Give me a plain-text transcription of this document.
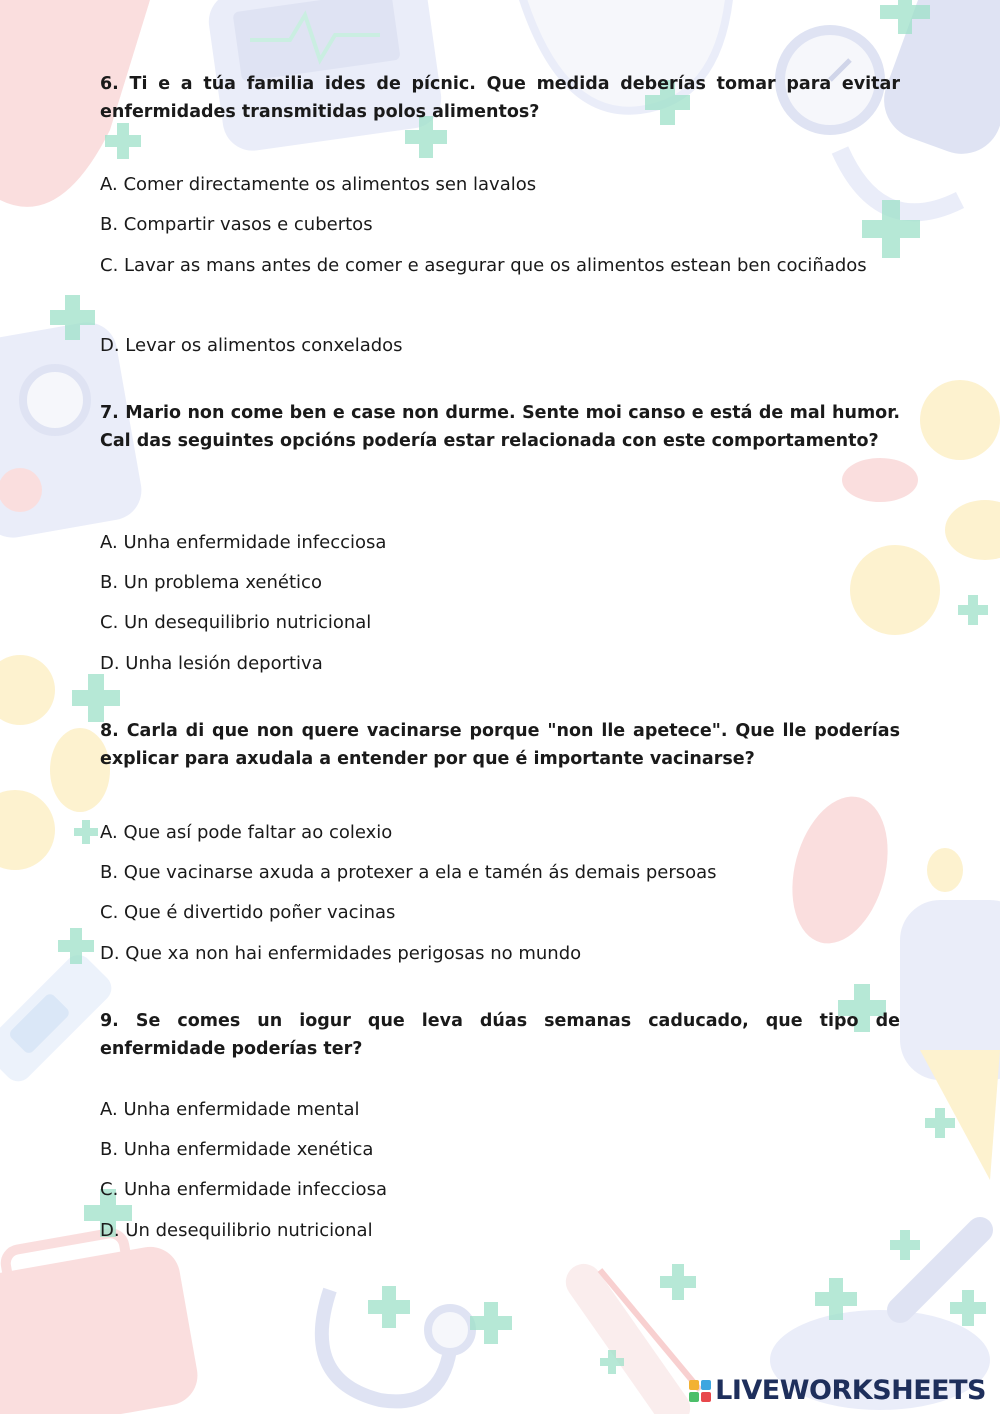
6. Ti e a túa familia ides de pícnic. Que medida deberías tomar para evitar enfermidades transmitidas polos alimentos?
A. Comer directamente os alimentos sen lavalos
B. Compartir vasos e cubertos
C. Lavar as mans antes de comer e asegurar que os alimentos estean ben cociñados
D. Levar os alimentos conxelados
7. Mario non come ben e case non durme. Sente moi canso e está de mal humor. Cal das seguintes opcións podería estar relacionada con este comportamento?
A. Unha enfermidade infecciosa
B. Un problema xenético
C. Un desequilibrio nutricional
D. Unha lesión deportiva
8. Carla di que non quere vacinarse porque "non lle apetece". Que lle poderías explicar para axudala a entender por que é importante vacinarse?
A. Que así pode faltar ao colexio
B. Que vacinarse axuda a protexer a ela e tamén ás demais persoas
C. Que é divertido poñer vacinas
D. Que xa non hai enfermidades perigosas no mundo
9. Se comes un iogur que leva dúas semanas caducado, que tipo de enfermidade poderías ter?
A. Unha enfermidade mental
B. Unha enfermidade xenética
C. Unha enfermidade infecciosa
D. Un desequilibrio nutricional
LIVEWORKSHEETS
